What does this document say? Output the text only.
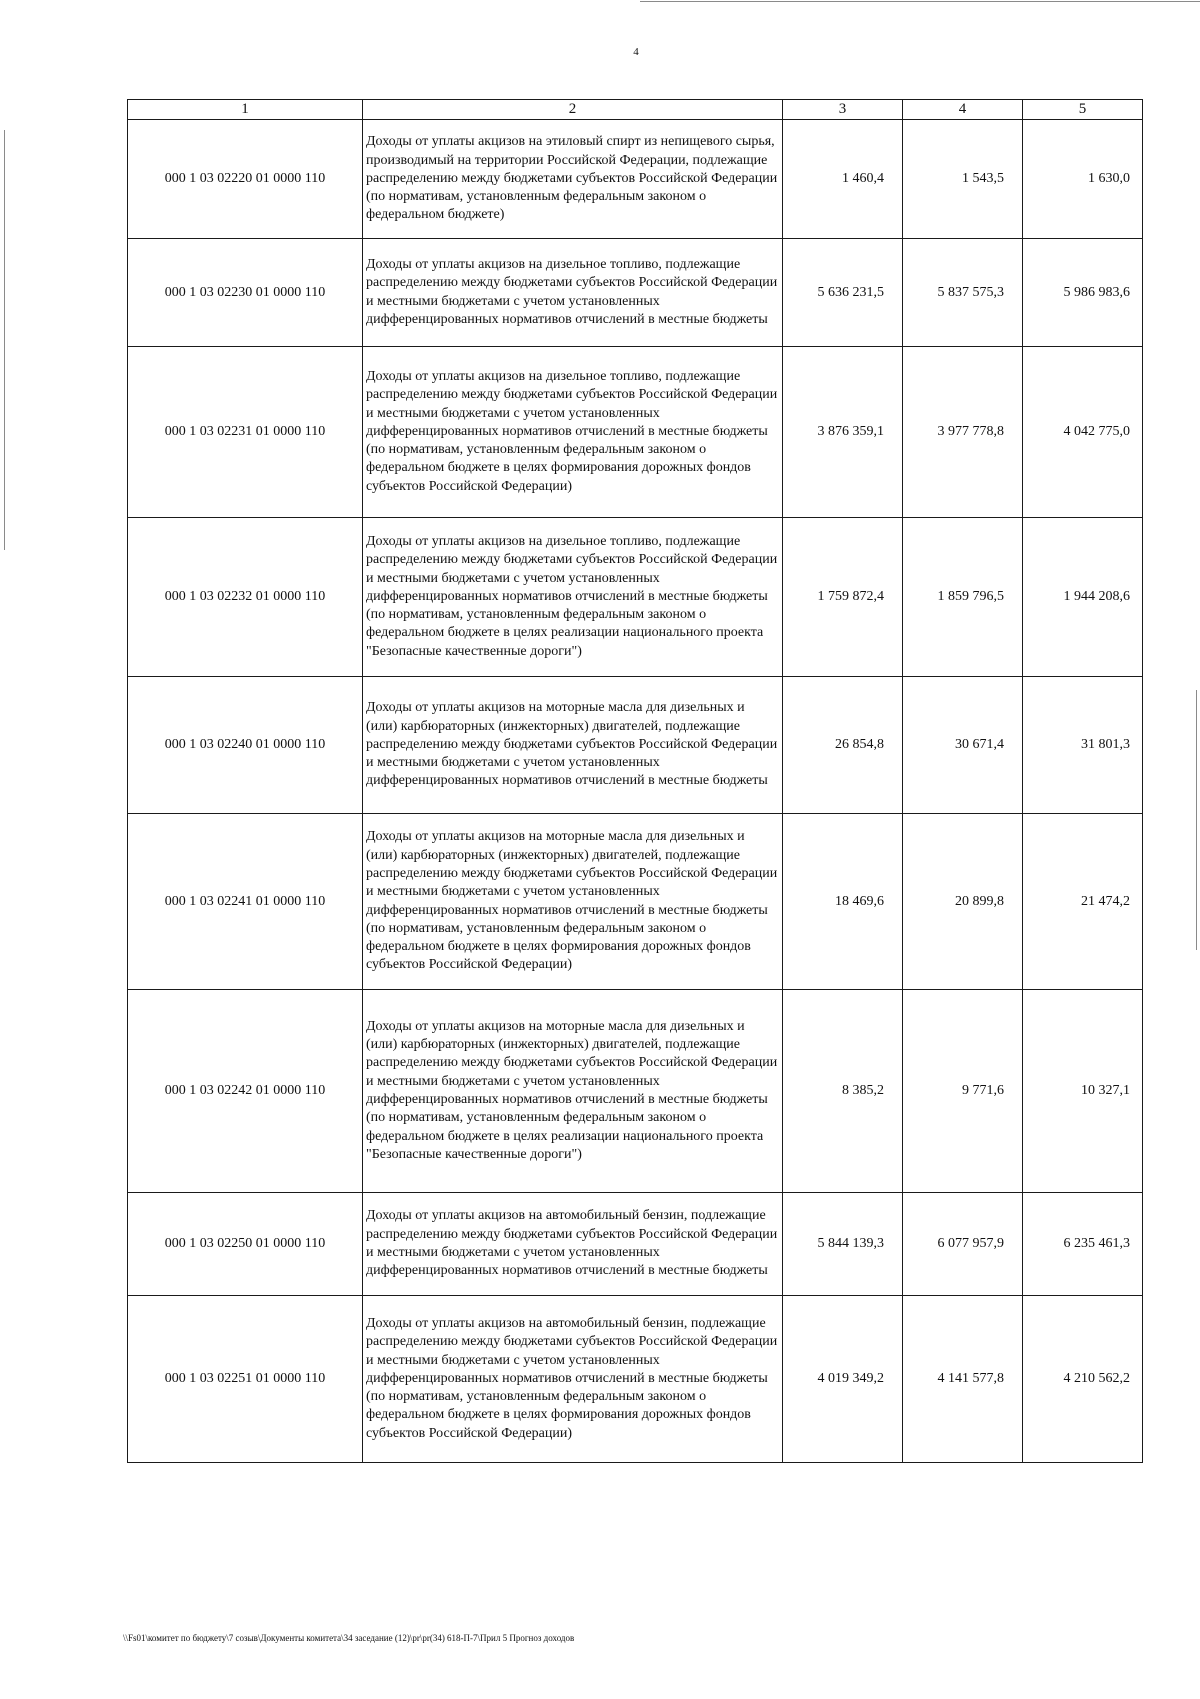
4
1	2	3	4	5
000 1 03 02220 01 0000 110	Доходы от уплаты акцизов на этиловый спирт из непищевого сырья, производимый на территории Российской Федерации, подлежащие распределению между бюджетами субъектов Российской Федерации (по нормативам, установленным федеральным законом о федеральном бюджете)	1 460,4	1 543,5	1 630,0
000 1 03 02230 01 0000 110	Доходы от уплаты акцизов на дизельное топливо, подлежащие распределению между бюджетами субъектов Российской Федерации и местными бюджетами с учетом установленных дифференцированных нормативов отчислений в местные бюджеты	5 636 231,5	5 837 575,3	5 986 983,6
000 1 03 02231 01 0000 110	Доходы от уплаты акцизов на дизельное топливо, подлежащие распределению между бюджетами субъектов Российской Федерации и местными бюджетами с учетом установленных дифференцированных нормативов отчислений в местные бюджеты (по нормативам, установленным федеральным законом о федеральном бюджете в целях формирования дорожных фондов субъектов Российской Федерации)	3 876 359,1	3 977 778,8	4 042 775,0
000 1 03 02232 01 0000 110	Доходы от уплаты акцизов на дизельное топливо, подлежащие распределению между бюджетами субъектов Российской Федерации и местными бюджетами с учетом установленных дифференцированных нормативов отчислений в местные бюджеты (по нормативам, установленным федеральным законом о федеральном бюджете в целях реализации национального проекта "Безопасные качественные дороги")	1 759 872,4	1 859 796,5	1 944 208,6
000 1 03 02240 01 0000 110	Доходы от уплаты акцизов на моторные масла для дизельных и (или) карбюраторных (инжекторных) двигателей, подлежащие распределению между бюджетами субъектов Российской Федерации и местными бюджетами с учетом установленных дифференцированных нормативов отчислений в местные бюджеты	26 854,8	30 671,4	31 801,3
000 1 03 02241 01 0000 110	Доходы от уплаты акцизов на моторные масла для дизельных и (или) карбюраторных (инжекторных) двигателей, подлежащие распределению между бюджетами субъектов Российской Федерации и местными бюджетами с учетом установленных дифференцированных нормативов отчислений в местные бюджеты (по нормативам, установленным федеральным законом о федеральном бюджете в целях формирования дорожных фондов субъектов Российской Федерации)	18 469,6	20 899,8	21 474,2
000 1 03 02242 01 0000 110	Доходы от уплаты акцизов на моторные масла для дизельных и (или) карбюраторных (инжекторных) двигателей, подлежащие распределению между бюджетами субъектов Российской Федерации и местными бюджетами с учетом установленных дифференцированных нормативов отчислений в местные бюджеты (по нормативам, установленным федеральным законом о федеральном бюджете в целях реализации национального проекта "Безопасные качественные дороги")	8 385,2	9 771,6	10 327,1
000 1 03 02250 01 0000 110	Доходы от уплаты акцизов на автомобильный бензин, подлежащие распределению между бюджетами субъектов Российской Федерации и местными бюджетами с учетом установленных дифференцированных нормативов отчислений в местные бюджеты	5 844 139,3	6 077 957,9	6 235 461,3
000 1 03 02251 01 0000 110	Доходы от уплаты акцизов на автомобильный бензин, подлежащие распределению между бюджетами субъектов Российской Федерации и местными бюджетами с учетом установленных дифференцированных нормативов отчислений в местные бюджеты (по нормативам, установленным федеральным законом о федеральном бюджете в целях формирования дорожных фондов субъектов Российской Федерации)	4 019 349,2	4 141 577,8	4 210 562,2
\\Fs01\комитет по бюджету\7 созыв\Документы комитета\34 заседание (12)\pr\pr(34) 618-П-7\Прил 5 Прогноз доходов
